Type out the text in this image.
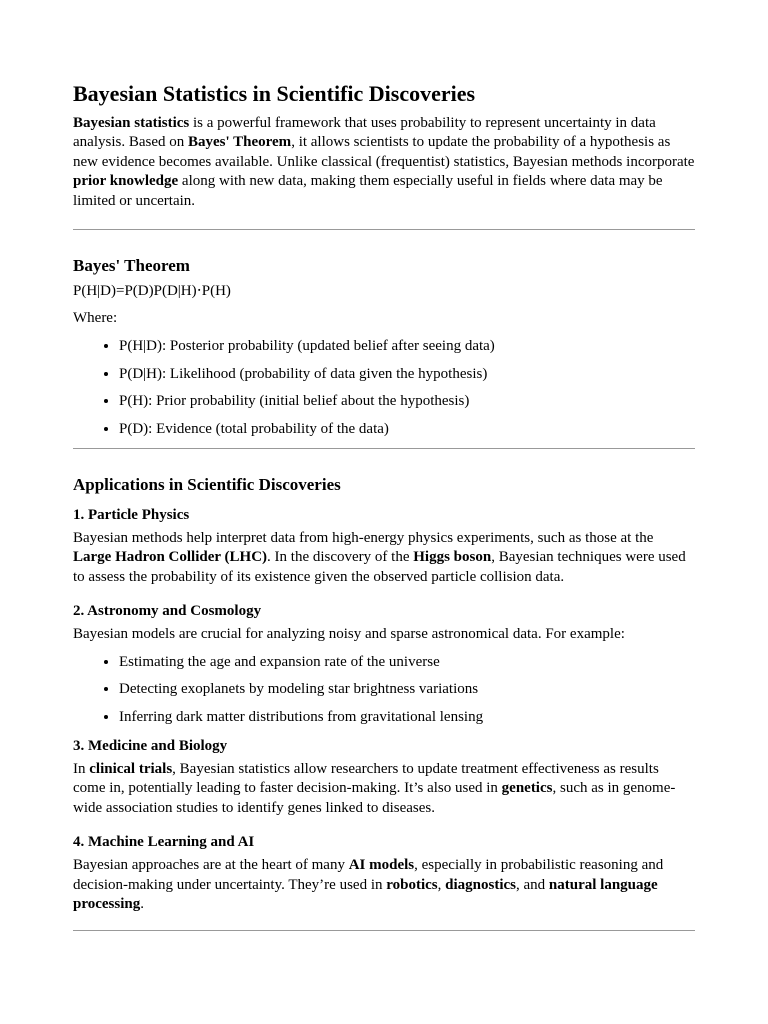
Bayesian Statistics in Scientific Discoveries

Bayesian statistics is a powerful framework that uses probability to represent uncertainty in data analysis. Based on Bayes' Theorem, it allows scientists to update the probability of a hypothesis as new evidence becomes available. Unlike classical (frequentist) statistics, Bayesian methods incorporate prior knowledge along with new data, making them especially useful in fields where data may be limited or uncertain.

Bayes' Theorem

P(H|D)=P(D)P(D|H)⋅P(H)

Where:

• P(H|D): Posterior probability (updated belief after seeing data)
• P(D|H): Likelihood (probability of data given the hypothesis)
• P(H): Prior probability (initial belief about the hypothesis)
• P(D): Evidence (total probability of the data)
Applications in Scientific Discoveries
1. Particle Physics

Bayesian methods help interpret data from high-energy physics experiments, such as those at the Large Hadron Collider (LHC). In the discovery of the Higgs boson, Bayesian techniques were used to assess the probability of its existence given the observed particle collision data.

2. Astronomy and Cosmology

Bayesian models are crucial for analyzing noisy and sparse astronomical data. For example:

• Estimating the age and expansion rate of the universe
• Detecting exoplanets by modeling star brightness variations
• Inferring dark matter distributions from gravitational lensing
3. Medicine and Biology

In clinical trials, Bayesian statistics allow researchers to update treatment effectiveness as results come in, potentially leading to faster decision-making. It’s also used in genetics, such as in genome-wide association studies to identify genes linked to diseases.

4. Machine Learning and AI

Bayesian approaches are at the heart of many AI models, especially in probabilistic reasoning and decision-making under uncertainty. They’re used in robotics, diagnostics, and natural language processing.
